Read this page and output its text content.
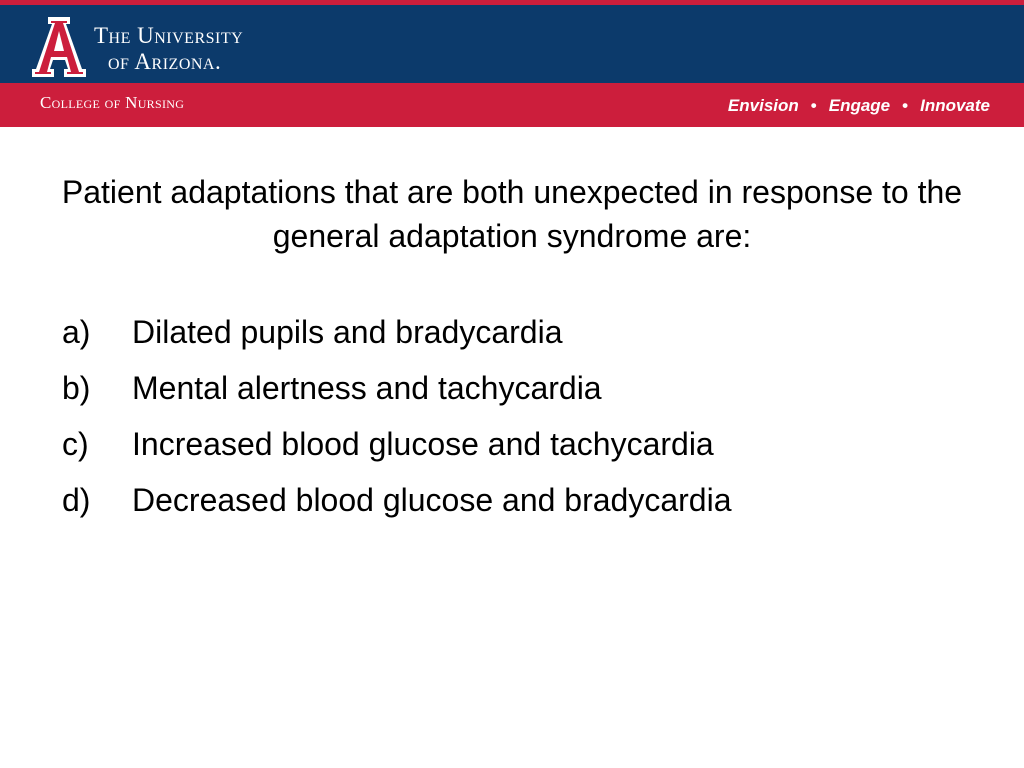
The University
of Arizona.
College of Nursing	Envision • Engage • Innovate
Patient adaptations that are both unexpected in response to the general adaptation syndrome are:
a)	Dilated pupils and bradycardia
b)	Mental alertness and tachycardia
c)	Increased blood glucose and tachycardia
d)	Decreased blood glucose and bradycardia
